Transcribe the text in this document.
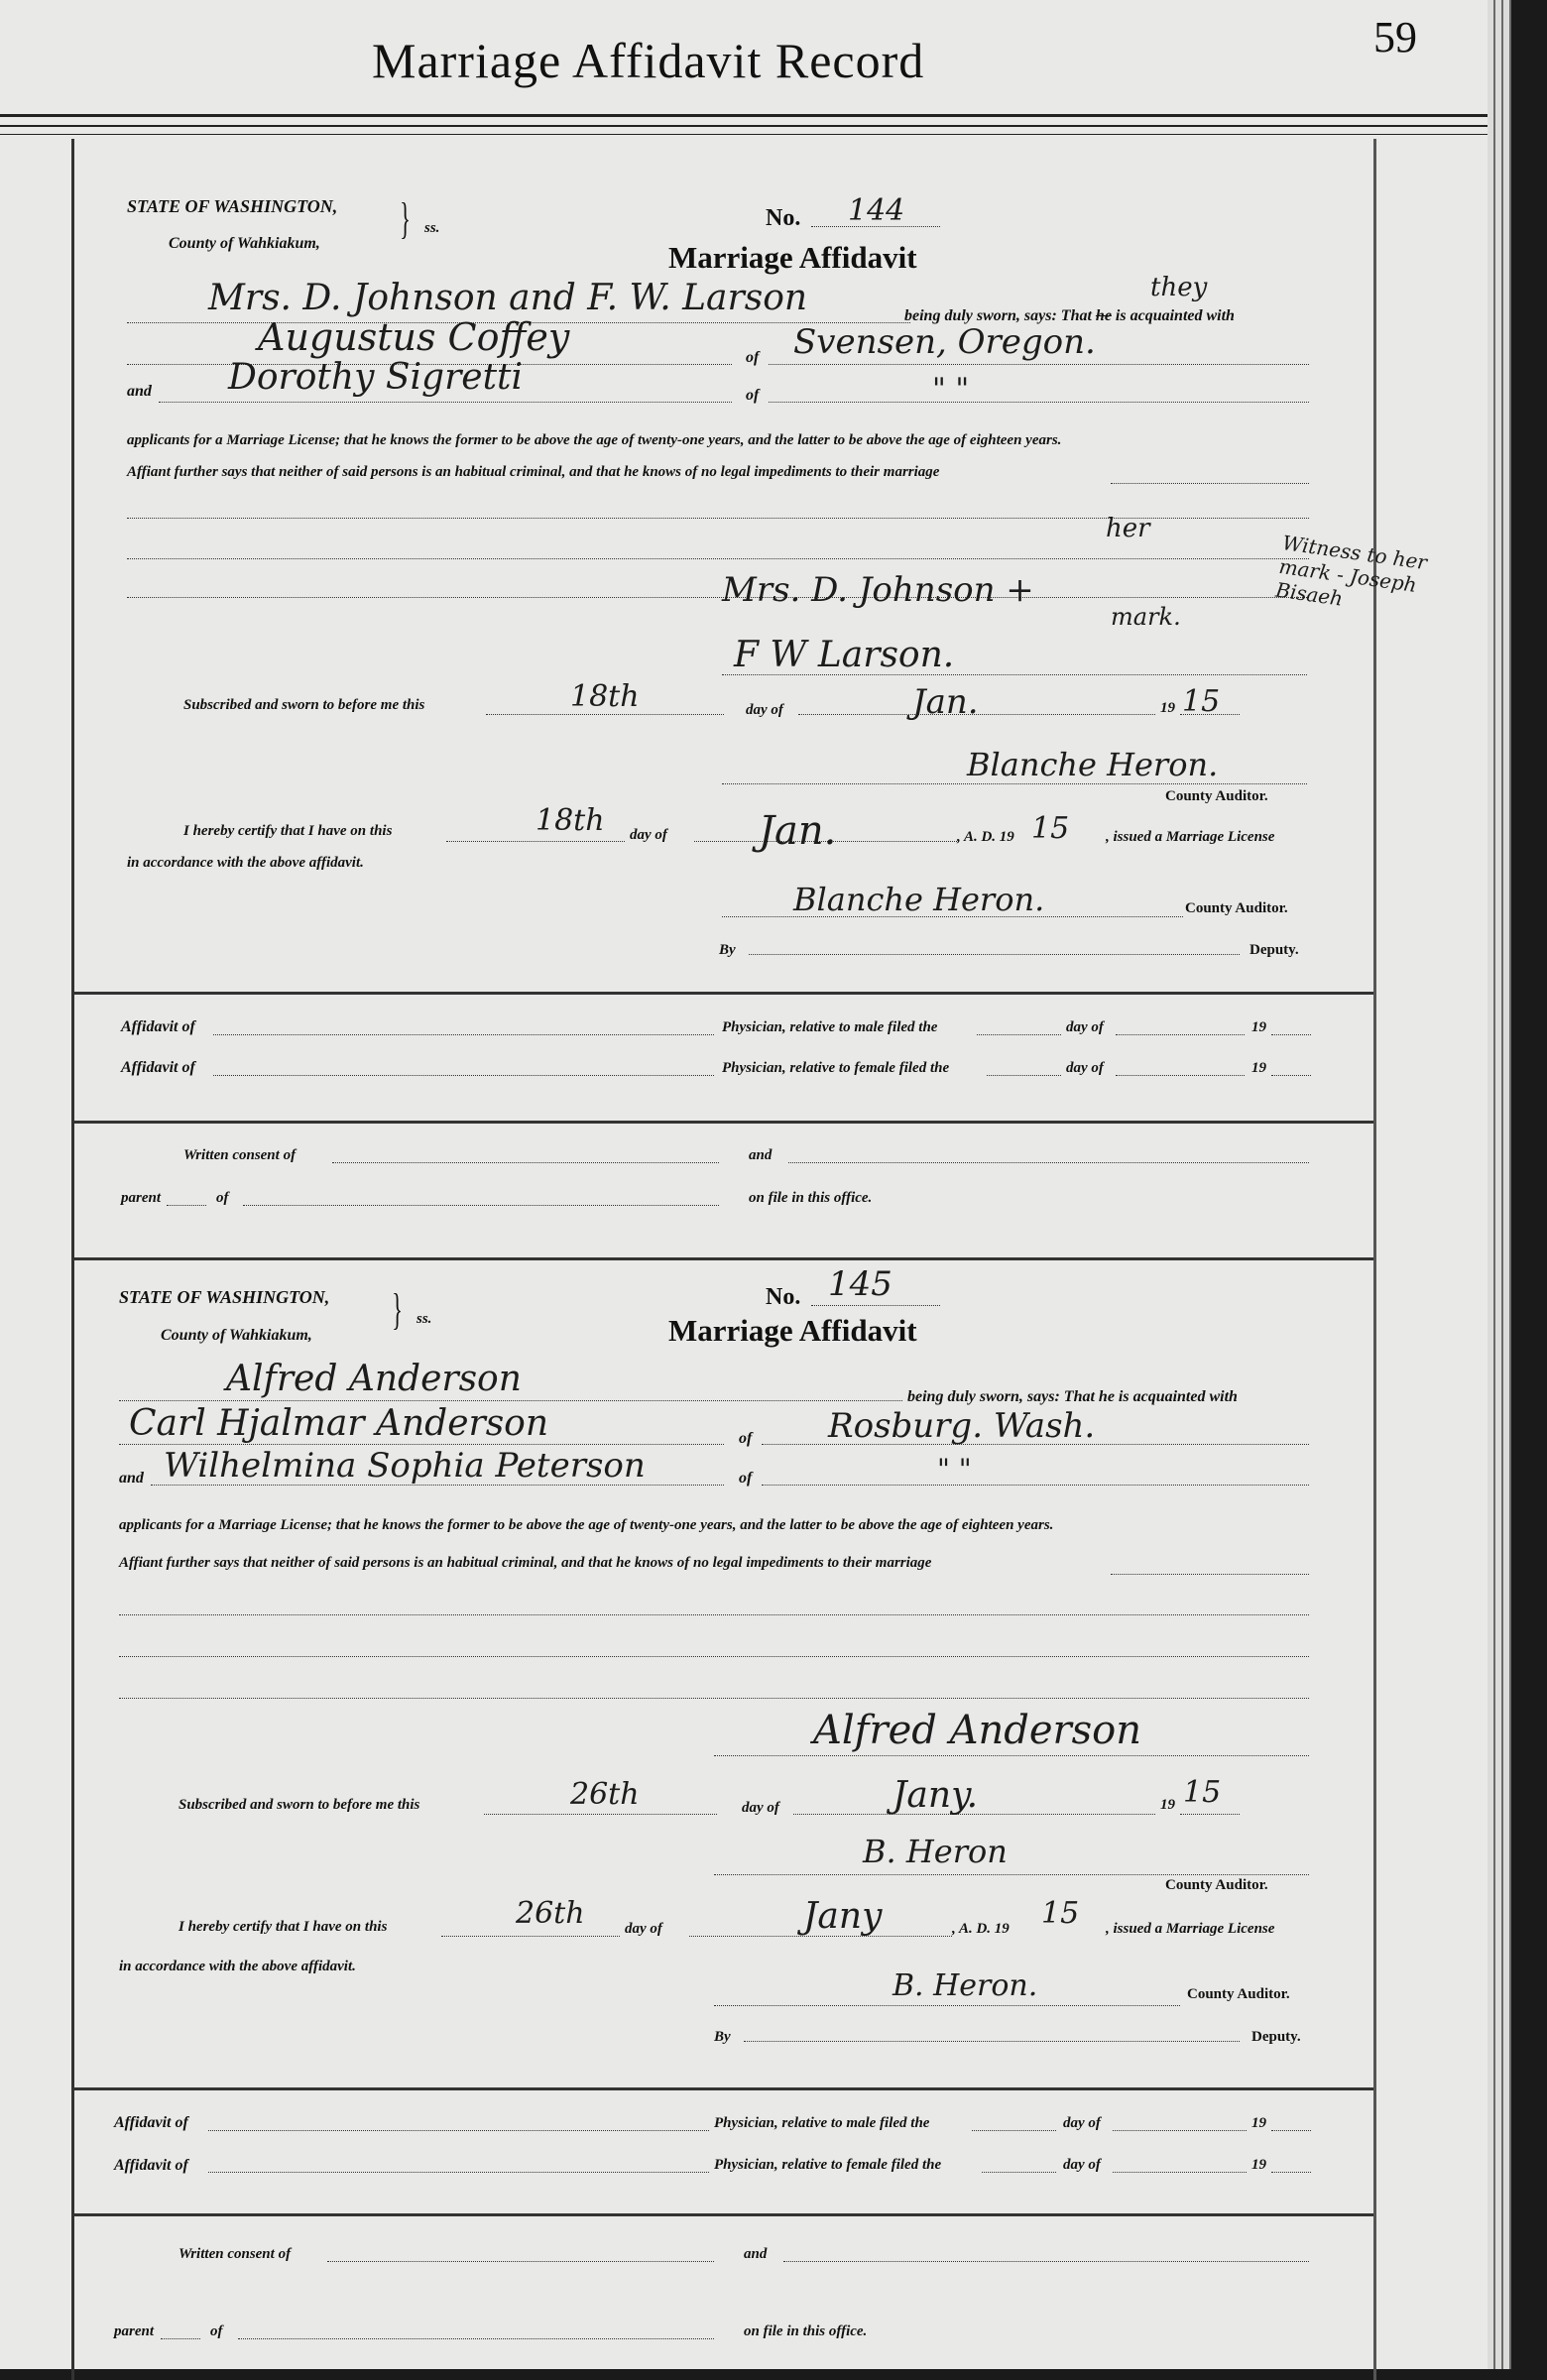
Marriage Affidavit Record	59
STATE OF WASHINGTON,
County of Wahkiakum,
} ss.	No. 144
Marriage Affidavit
Mrs. D. Johnson and F. W. Larson	being duly sworn, says: That he is acquainted with
they
Augustus Coffey	of Svensen, Oregon.
and Dorothy Sigretti	of	" "
applicants for a Marriage License; that he knows the former to be above the age of twenty-one years, and the latter to be above the age of eighteen years.
Affiant further says that neither of said persons is an habitual criminal, and that he knows of no legal impediments to their marriage
her
Mrs. D. Johnson +
mark.
Witness to her mark - Joseph Bisaeh
F W Larson.
Subscribed and sworn to before me this	18th	day of	Jan.	19 15
Blanche Heron.
County Auditor.
I hereby certify that I have on this	18th day of Jan.	, A. D. 19 15 , issued a Marriage License
in accordance with the above affidavit.
Blanche Heron.	County Auditor.
By	Deputy.
Affidavit of	Physician, relative to male filed the	day of	19
Affidavit of	Physician, relative to female filed the	day of	19
Written consent of	and
parent	of	on file in this office.
STATE OF WASHINGTON,
County of Wahkiakum,
} ss.
No. 145
Marriage Affidavit
Alfred Anderson	being duly sworn, says: That he is acquainted with
Carl Hjalmar Anderson	of Rosburg. Wash.
and Wilhelmina Sophia Peterson	of	" "
applicants for a Marriage License; that he knows the former to be above the age of twenty-one years, and the latter to be above the age of eighteen years.
Affiant further says that neither of said persons is an habitual criminal, and that he knows of no legal impediments to their marriage
Alfred Anderson
Subscribed and sworn to before me this	26th	day of	Jany.	19 15
B. Heron
County Auditor.
I hereby certify that I have on this	26th	day of	Jany	, A. D. 19 15 , issued a Marriage License
in accordance with the above affidavit.
B. Heron.	County Auditor.
By	Deputy.
Affidavit of	Physician, relative to male filed the	day of	19
Affidavit of	Physician, relative to female filed the	day of	19
Written consent of	and
parent	of	on file in this office.
